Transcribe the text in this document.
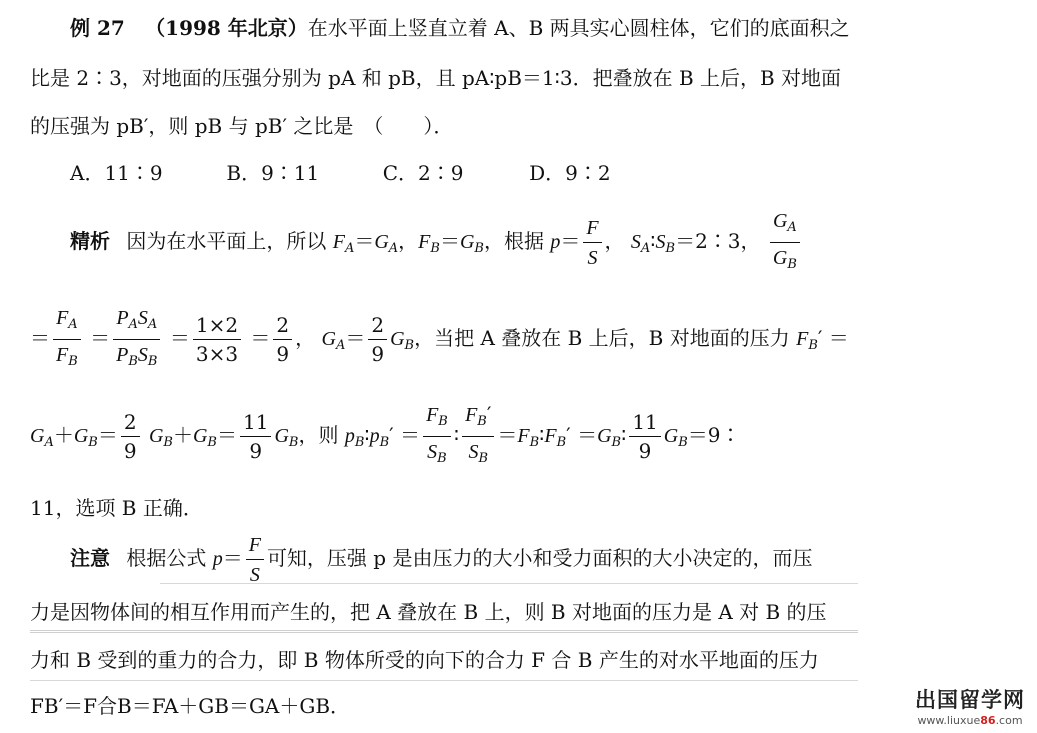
例 27 （1998 年北京）在水平面上竖直立着 A、B 两具实心圆柱体，它们的底面积之
比是 2∶3，对地面的压强分别为 pA 和 pB，且 pA∶pB＝1∶3．把叠放在 B 上后，B 对地面
的压强为 pB′，则 pB 与 pB′ 之比是　（　　）．
A．11∶9	B．9∶11	C．2∶9	D．9∶2
精析 因为在水平面上，所以 $F_A=G_A$，$F_B=G_B$，根据 $p= \frac{F}{S}$ ， $S_A∶S_B=2∶3$， $\frac{G_A}{G_B}$
＝ $\frac{F_A}{F_B} = \frac{P_AS_A}{P_BS_B} = \frac{1\times 2}{3\times 3} = \frac{2}{9}$ ， $G_A= \frac{2}{9} G_B$，当把 A 叠放在 B 上后，B 对地面的压力 $F_B'$ ＝
$G_A+G_B= \frac{2}{9} G_B+G_B= \frac{11}{9} G_B$，则 $p_B∶p_B' = \frac{F_B}{S_B}$ ∶ $\frac{F_B'}{S_B}$ $=F_B∶F_B'$ $=G_B∶ \frac{11}{9}$ $G_B=9∶$
11，选项 B 正确．
注意 根据公式 $p= \frac{F}{S}$ 可知，压强 p 是由压力的大小和受力面积的大小决定的，而压
力是因物体间的相互作用而产生的，把 A 叠放在 B 上，则 B 对地面的压力是 A 对 B 的压
力和 B 受到的重力的合力，即 B 物体所受的向下的合力 F 合 B 产生的对水平地面的压力
FB′＝F合B＝FA＋GB＝GA＋GB．	出国留学网
www.liuxue86.com
